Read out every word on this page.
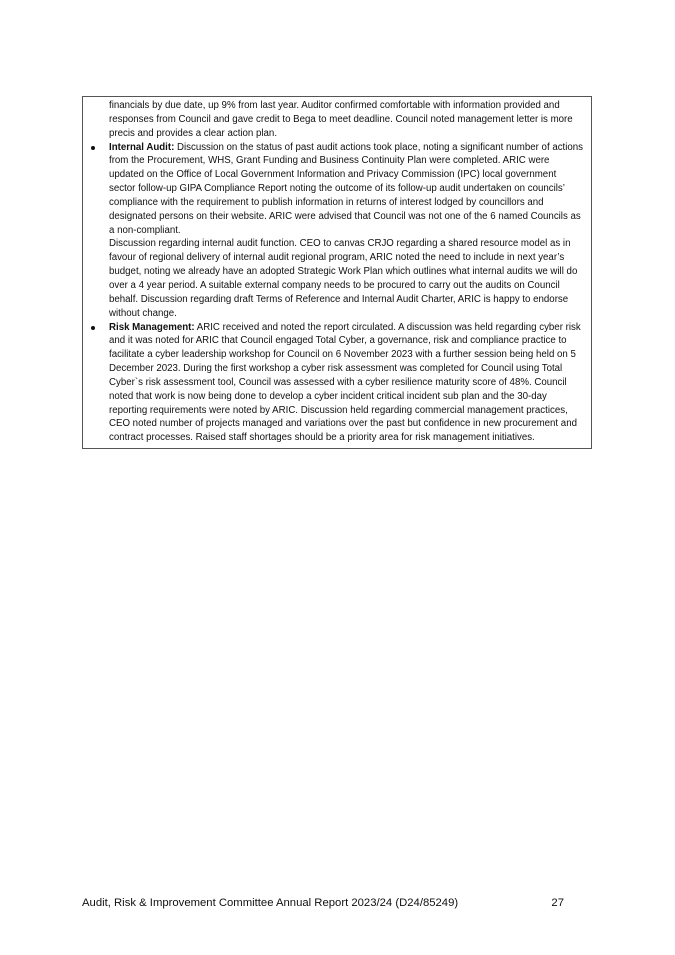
financials by due date, up 9% from last year. Auditor confirmed comfortable with information provided and responses from Council and gave credit to Bega to meet deadline. Council noted management letter is more precis and provides a clear action plan.

Internal Audit: Discussion on the status of past audit actions took place, noting a significant number of actions from the Procurement, WHS, Grant Funding and Business Continuity Plan were completed. ARIC were updated on the Office of Local Government Information and Privacy Commission (IPC) local government sector follow-up GIPA Compliance Report noting the outcome of its follow-up audit undertaken on councils’ compliance with the requirement to publish information in returns of interest lodged by councillors and designated persons on their website. ARIC were advised that Council was not one of the 6 named Councils as a non-compliant.

Discussion regarding internal audit function. CEO to canvas CRJO regarding a shared resource model as in favour of regional delivery of internal audit regional program, ARIC noted the need to include in next year’s budget, noting we already have an adopted Strategic Work Plan which outlines what internal audits we will do over a 4 year period. A suitable external company needs to be procured to carry out the audits on Council behalf. Discussion regarding draft Terms of Reference and Internal Audit Charter, ARIC is happy to endorse without change.

Risk Management: ARIC received and noted the report circulated. A discussion was held regarding cyber risk and it was noted for ARIC that Council engaged Total Cyber, a governance, risk and compliance practice to facilitate a cyber leadership workshop for Council on 6 November 2023 with a further session being held on 5 December 2023. During the first workshop a cyber risk assessment was completed for Council using Total Cyber`s risk assessment tool, Council was assessed with a cyber resilience maturity score of 48%. Council noted that work is now being done to develop a cyber incident critical incident sub plan and the 30-day reporting requirements were noted by ARIC. Discussion held regarding commercial management practices, CEO noted number of projects managed and variations over the past but confidence in new procurement and contract processes. Raised staff shortages should be a priority area for risk management initiatives.

Audit, Risk & Improvement Committee Annual Report 2023/24 (D24/85249)	27
